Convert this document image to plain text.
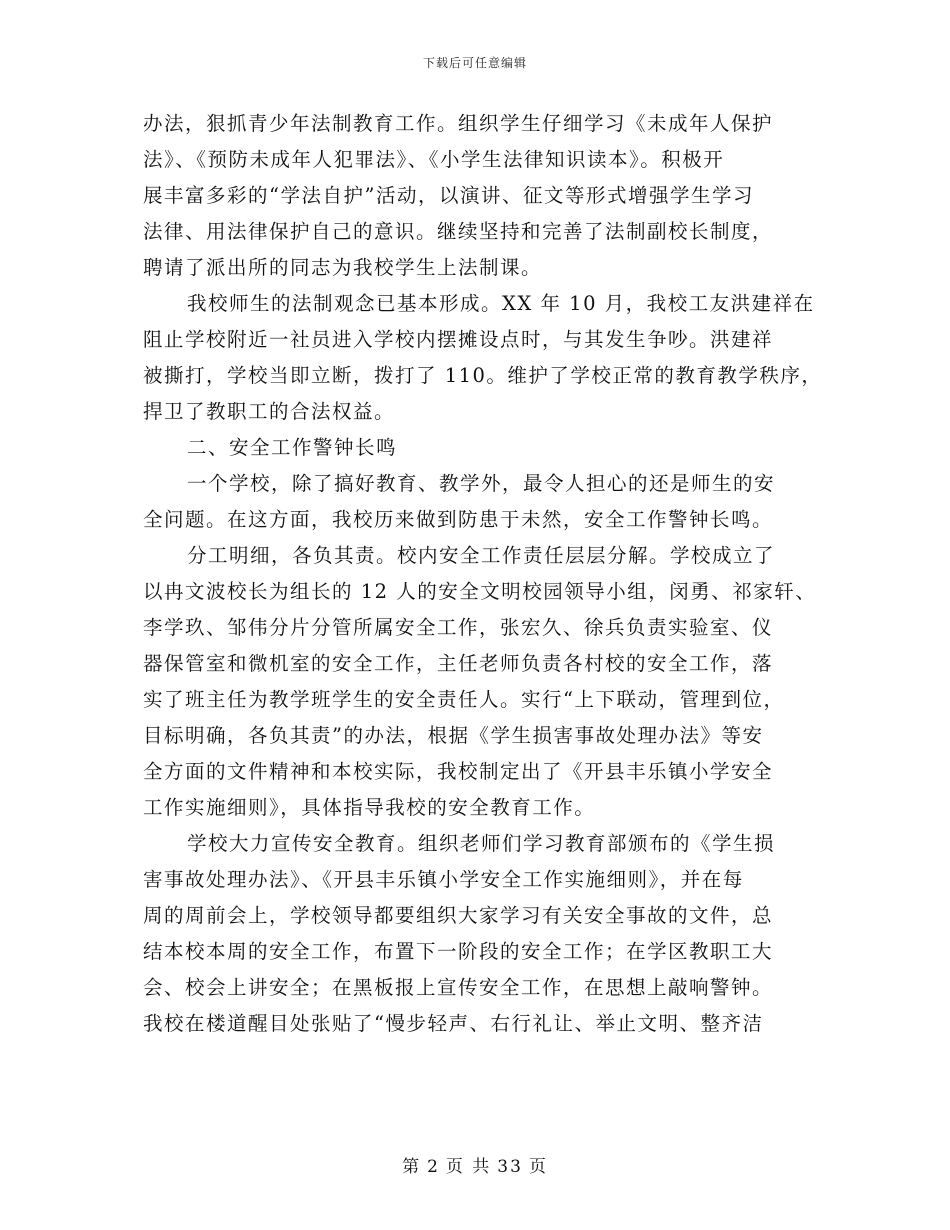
下载后可任意编辑
办法，狠抓青少年法制教育工作。组织学生仔细学习《未成年人保护
法》、《预防未成年人犯罪法》、《小学生法律知识读本》。积极开
展丰富多彩的“学法自护”活动，以演讲、征文等形式增强学生学习
法律、用法律保护自己的意识。继续坚持和完善了法制副校长制度，
聘请了派出所的同志为我校学生上法制课。
我校师生的法制观念已基本形成。XX 年 10 月，我校工友洪建祥在
阻止学校附近一社员进入学校内摆摊设点时，与其发生争吵。洪建祥
被撕打，学校当即立断，拨打了 110。维护了学校正常的教育教学秩序，
捍卫了教职工的合法权益。
二、安全工作警钟长鸣
一个学校，除了搞好教育、教学外，最令人担心的还是师生的安
全问题。在这方面，我校历来做到防患于未然，安全工作警钟长鸣。
分工明细，各负其责。校内安全工作责任层层分解。学校成立了
以冉文波校长为组长的 12 人的安全文明校园领导小组，闵勇、祁家轩、
李学玖、邹伟分片分管所属安全工作，张宏久、徐兵负责实验室、仪
器保管室和微机室的安全工作，主任老师负责各村校的安全工作，落
实了班主任为教学班学生的安全责任人。实行“上下联动，管理到位，
目标明确，各负其责”的办法，根据《学生损害事故处理办法》等安
全方面的文件精神和本校实际，我校制定出了《开县丰乐镇小学安全
工作实施细则》，具体指导我校的安全教育工作。
学校大力宣传安全教育。组织老师们学习教育部颁布的《学生损
害事故处理办法》、《开县丰乐镇小学安全工作实施细则》，并在每
周的周前会上，学校领导都要组织大家学习有关安全事故的文件，总
结本校本周的安全工作，布置下一阶段的安全工作；在学区教职工大
会、校会上讲安全；在黑板报上宣传安全工作，在思想上敲响警钟。
我校在楼道醒目处张贴了“慢步轻声、右行礼让、举止文明、整齐洁
第 2 页 共 33 页
